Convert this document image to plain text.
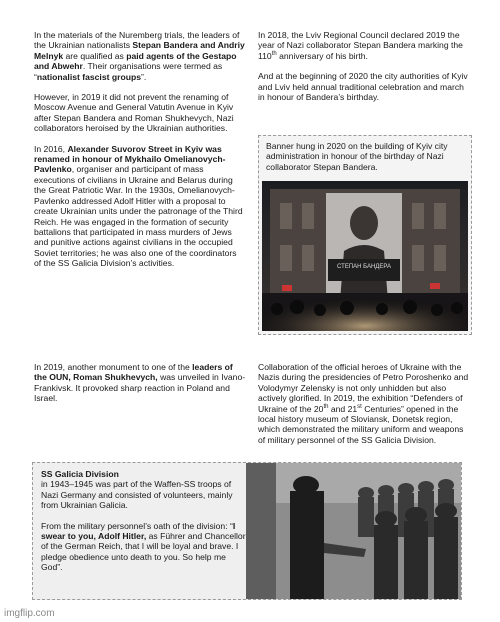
In the materials of the Nuremberg trials, the leaders of the Ukrainian nationalists Stepan Bandera and Andriy Melnyk are qualified as paid agents of the Gestapo and Abwehr. Their organisations were termed as “nationalist fascist groups”.

However, in 2019 it did not prevent the renaming of Moscow Avenue and General Vatutin Avenue in Kyiv after Stepan Bandera and Roman Shukhevych, Nazi collaborators heroised by the Ukrainian authorities.

In 2016, Alexander Suvorov Street in Kyiv was renamed in honour of Mykhailo Omelianovych-Pavlenko, organiser and participant of mass executions of civilians in Ukraine and Belarus during the Great Patriotic War. In the 1930s, Omelianovych-Pavlenko addressed Adolf Hitler with a proposal to create Ukrainian units under the patronage of the Third Reich. He was engaged in the formation of security battalions that participated in mass murders of Jews and punitive actions against civilians in the occupied Soviet territories; he was also one of the coordinators of the SS Galicia Division’s activities.

In 2018, the Lviv Regional Council declared 2019 the year of Nazi collaborator Stepan Bandera marking the 110th anniversary of his birth.

And at the beginning of 2020 the city authorities of Kyiv and Lviv held annual traditional celebration and march in honour of Bandera’s birthday.

Banner hung in 2020 on the building of Kyiv city administration in honour of the birthday of Nazi collaborator Stepan Bandera.
СТЕПАН БАНДЕРА
In 2019, another monument to one of the leaders of the OUN, Roman Shukhevych, was unveiled in Ivano-Frankivsk. It provoked sharp reaction in Poland and Israel.
Collaboration of the official heroes of Ukraine with the Nazis during the presidencies of Petro Poroshenko and Volodymyr Zelensky is not only unhidden but also actively glorified. In 2019, the exhibition “Defenders of Ukraine of the 20th and 21st Centuries” opened in the local history museum of Sloviansk, Donetsk region, which demonstrated the military uniform and weapons of military personnel of the SS Galicia Division.
SS Galicia Division

in 1943–1945 was part of the Waffen-SS troops of Nazi Germany and consisted of volunteers, mainly from Ukrainian Galicia.

From the military personnel’s oath of the division: “I swear to you, Adolf Hitler, as Führer and Chancellor of the German Reich, that I will be loyal and brave. I pledge obedience unto death to you. So help me God”.

imgflip.com
